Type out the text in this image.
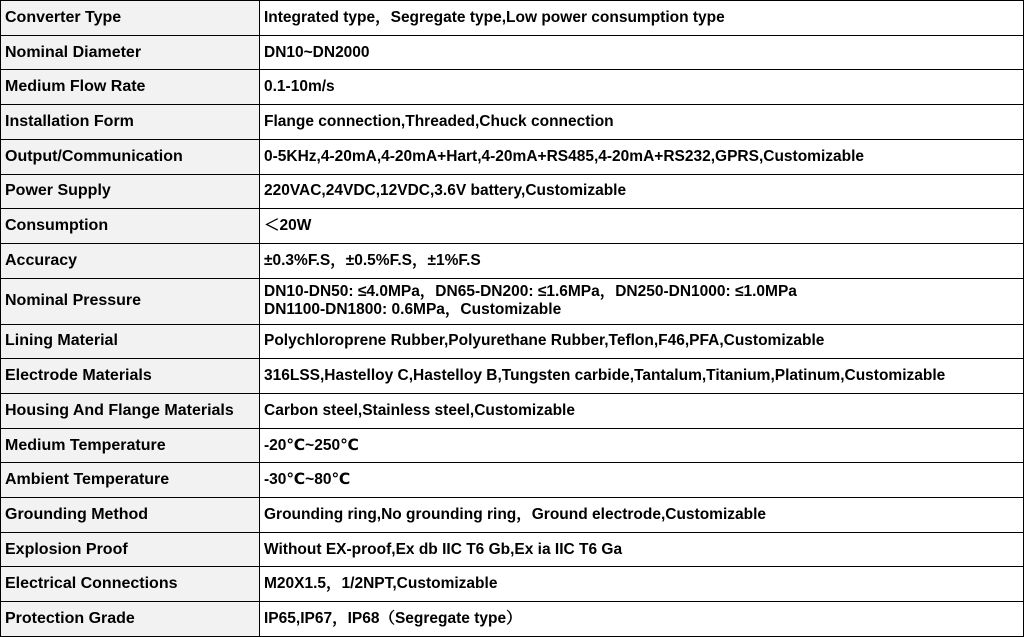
Converter Type	Integrated type，Segregate type,Low power consumption type
Nominal Diameter	DN10~DN2000
Medium Flow Rate	0.1-10m/s
Installation Form	Flange connection,Threaded,Chuck connection
Output/Communication	0-5KHz,4-20mA,4-20mA+Hart,4-20mA+RS485,4-20mA+RS232,GPRS,Customizable
Power Supply	220VAC,24VDC,12VDC,3.6V battery,Customizable
Consumption	＜20W
Accuracy	±0.3%F.S，±0.5%F.S，±1%F.S
Nominal Pressure	DN10-DN50: ≤4.0MPa，DN65-DN200: ≤1.6MPa，DN250-DN1000: ≤1.0MPa
DN1100-DN1800: 0.6MPa，Customizable

Lining Material	Polychloroprene Rubber,Polyurethane Rubber,Teflon,F46,PFA,Customizable
Electrode Materials	316LSS,Hastelloy C,Hastelloy B,Tungsten carbide,Tantalum,Titanium,Platinum,Customizable
Housing And Flange Materials	Carbon steel,Stainless steel,Customizable
Medium Temperature	-20℃~250℃
Ambient Temperature	-30℃~80℃
Grounding Method	Grounding ring,No grounding ring，Ground electrode,Customizable
Explosion Proof	Without EX-proof,Ex db IIC T6 Gb,Ex ia IIC T6 Ga
Electrical Connections	M20X1.5，1/2NPT,Customizable
Protection Grade	IP65,IP67，IP68（Segregate type）
